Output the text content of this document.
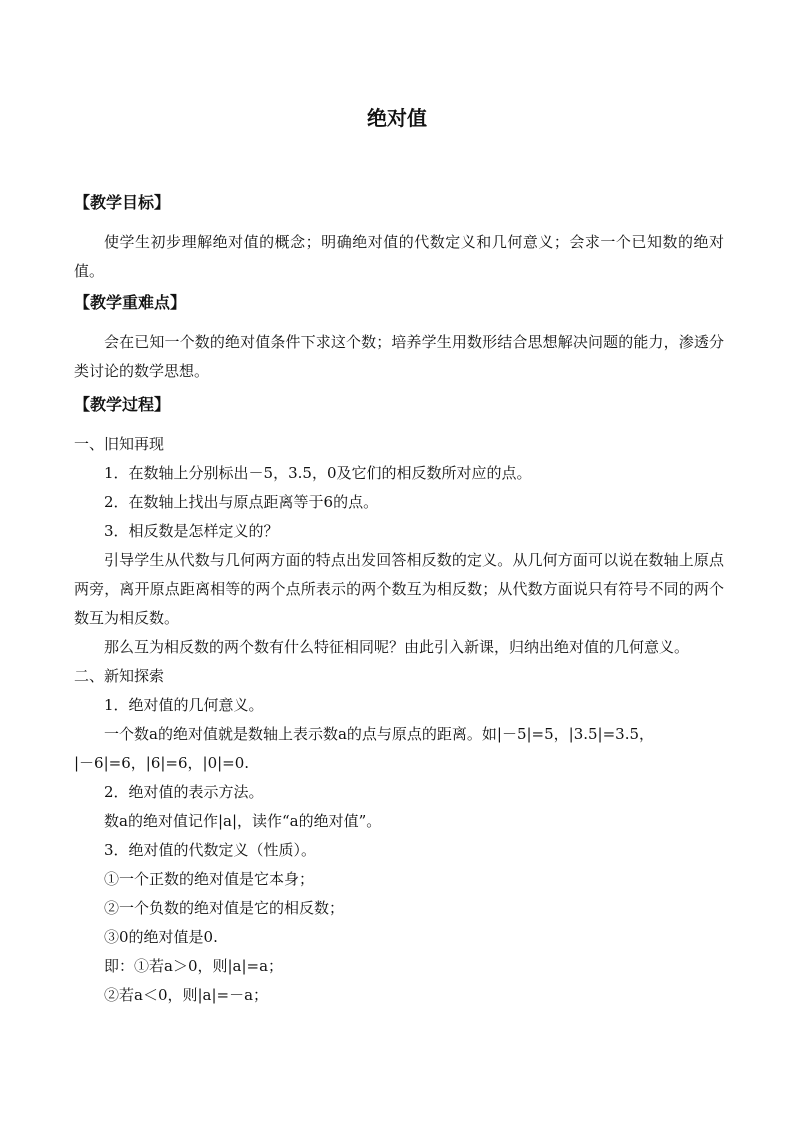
绝对值
【教学目标】
使学生初步理解绝对值的概念；明确绝对值的代数定义和几何意义；会求一个已知数的绝对值。
【教学重难点】
会在已知一个数的绝对值条件下求这个数；培养学生用数形结合思想解决问题的能力，渗透分类讨论的数学思想。
【教学过程】
一、旧知再现
1．在数轴上分别标出－5，3.5，0及它们的相反数所对应的点。
2．在数轴上找出与原点距离等于6的点。
3．相反数是怎样定义的？
引导学生从代数与几何两方面的特点出发回答相反数的定义。从几何方面可以说在数轴上原点两旁，离开原点距离相等的两个点所表示的两个数互为相反数；从代数方面说只有符号不同的两个数互为相反数。
那么互为相反数的两个数有什么特征相同呢？由此引入新课，归纳出绝对值的几何意义。
二、新知探索
1．绝对值的几何意义。
一个数a的绝对值就是数轴上表示数a的点与原点的距离。如|－5|=5，|3.5|=3.5，
|－6|=6，|6|=6，|0|=0.
2．绝对值的表示方法。
数a的绝对值记作|a|，读作“a的绝对值”。
3．绝对值的代数定义（性质）。
①一个正数的绝对值是它本身；
②一个负数的绝对值是它的相反数；
③0的绝对值是0.
即：①若a＞0，则|a|=a；
②若a＜0，则|a|=－a；
